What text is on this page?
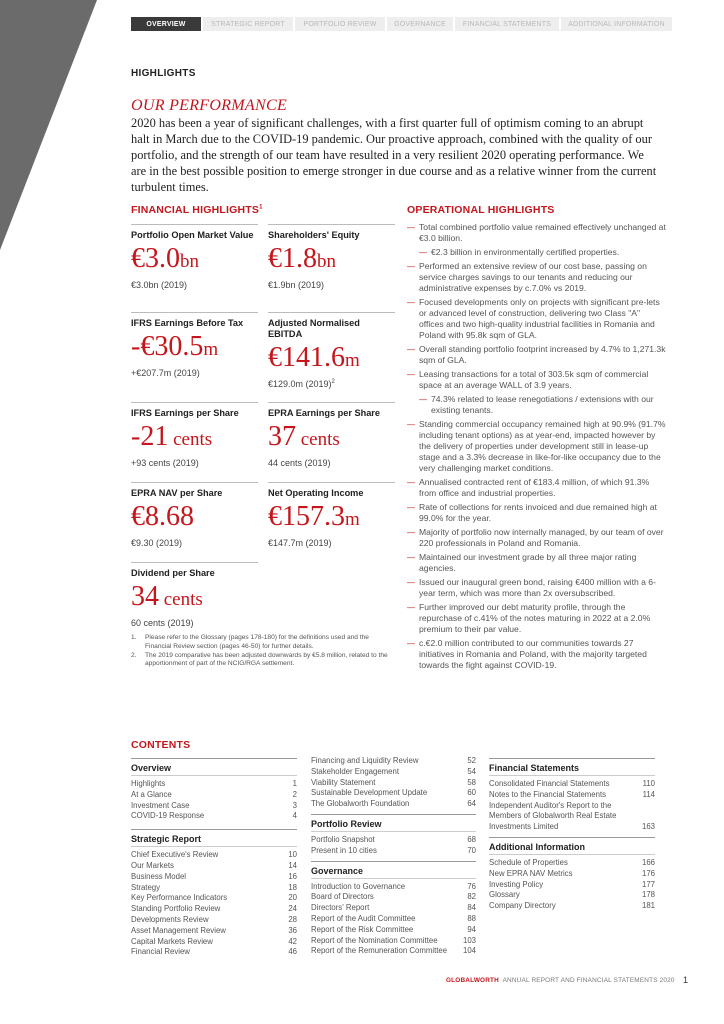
OVERVIEW	STRATEGIC REPORT	PORTFOLIO REVIEW	GOVERNANCE	FINANCIAL STATEMENTS	ADDITIONAL INFORMATION
HIGHLIGHTS
OUR PERFORMANCE
2020 has been a year of significant challenges, with a first quarter full of optimism coming to an abrupt halt in March due to the COVID-19 pandemic. Our proactive approach, combined with the quality of our portfolio, and the strength of our team have resulted in a very resilient 2020 operating performance. We are in the best possible position to emerge stronger in due course and as a relative winner from the current turbulent times.
FINANCIAL HIGHLIGHTS$^1$
Portfolio Open Market Value
€3.0bn
€3.0bn (2019)
Shareholders' Equity
€1.8bn
€1.9bn (2019)
IFRS Earnings Before Tax
-€30.5m
+€207.7m (2019)
Adjusted Normalised EBITDA
€141.6m
€129.0m $(2019)^2$
IFRS Earnings per Share
-21 cents
+93 cents (2019)
EPRA Earnings per Share
37 cents
44 cents (2019)
EPRA NAV per Share
€8.68
€9.30 (2019)
Net Operating Income
€157.3m
€147.7m (2019)
Dividend per Share
34 cents
60 cents (2019)
1.	Please refer to the Glossary (pages 178-180) for the definitions used and the Financial Review section (pages 46-50) for further details.
2.	The 2019 comparative has been adjusted downwards by €5.8 million, related to the apportionment of part of the NCIG/RGA settlement.
OPERATIONAL HIGHLIGHTS
— Total combined portfolio value remained effectively unchanged at €3.0 billion.
— €2.3 billion in environmentally certified properties.
— Performed an extensive review of our cost base, passing on service charges savings to our tenants and reducing our administrative expenses by c.7.0% vs 2019.
— Focused developments only on projects with significant pre-lets or advanced level of construction, delivering two Class "A" offices and two high-quality industrial facilities in Romania and Poland with 95.8k sqm of GLA.
— Overall standing portfolio footprint increased by 4.7% to 1,271.3k sqm of GLA.
— Leasing transactions for a total of 303.5k sqm of commercial space at an average WALL of 3.9 years.
— 74.3% related to lease renegotiations / extensions with our existing tenants.
— Standing commercial occupancy remained high at 90.9% (91.7% including tenant options) as at year-end, impacted however by the delivery of properties under development still in lease-up stage and a 3.3% decrease in like-for-like occupancy due to the very challenging market conditions.
— Annualised contracted rent of €183.4 million, of which 91.3% from office and industrial properties.
— Rate of collections for rents invoiced and due remained high at 99.0% for the year.
— Majority of portfolio now internally managed, by our team of over 220 professionals in Poland and Romania.
— Maintained our investment grade by all three major rating agencies.
— Issued our inaugural green bond, raising €400 million with a 6-year term, which was more than 2x oversubscribed.
— Further improved our debt maturity profile, through the repurchase of c.41% of the notes maturing in 2022 at a 2.0% premium to their par value.
— c.€2.0 million contributed to our communities towards 27 initiatives in Romania and Poland, with the majority targeted towards the fight against COVID-19.
CONTENTS
Overview
Highlights	1
At a Glance	2
Investment Case	3
COVID-19 Response	4
Strategic Report
Chief Executive's Review	10
Our Markets	14
Business Model	16
Strategy	18
Key Performance Indicators	20
Standing Portfolio Review	24
Developments Review	28
Asset Management Review	36
Capital Markets Review	42
Financial Review	46
Financing and Liquidity Review	52
Stakeholder Engagement	54
Viability Statement	58
Sustainable Development Update	60
The Globalworth Foundation	64
Portfolio Review
Portfolio Snapshot	68
Present in 10 cities	70
Governance
Introduction to Governance	76
Board of Directors	82
Directors' Report	84
Report of the Audit Committee	88
Report of the Risk Committee	94
Report of the Nomination Committee	103
Report of the Remuneration Committee	104
Financial Statements
Consolidated Financial Statements	110
Notes to the Financial Statements	114
Independent Auditor's Report to the Members of Globalworth Real Estate Investments Limited	163
Additional Information
Schedule of Properties	166
New EPRA NAV Metrics	176
Investing Policy	177
Glossary	178
Company Directory	181
GLOBALWORTH ANNUAL REPORT AND FINANCIAL STATEMENTS 2020 1
